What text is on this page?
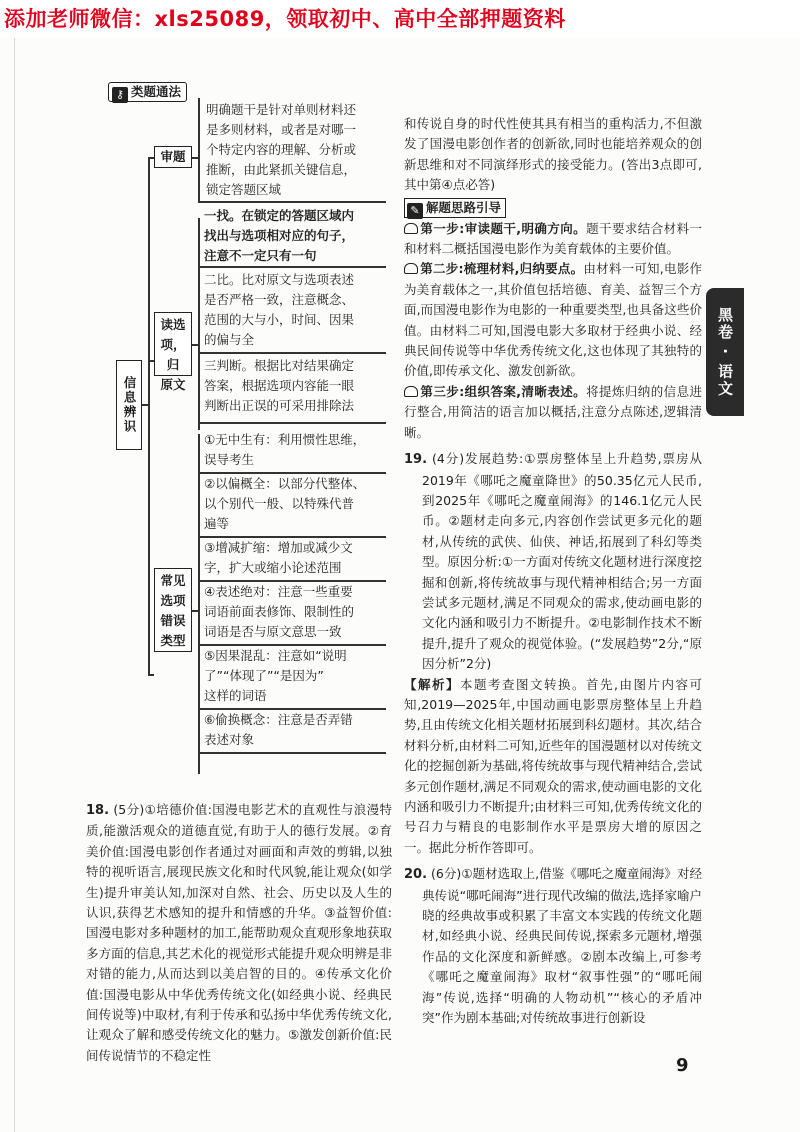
添加老师微信：xls25089，领取初中、高中全部押题资料
⚷ 类题通法
信息辨识
审题
明确题干是针对单则材料还
是多则材料，或者是对哪一
个特定内容的理解、分析或
推断，由此紧抓关键信息，
锁定答题区域
读选
项，归
原文
一找。在锁定的答题区域内
找出与选项相对应的句子，
注意不一定只有一句
二比。比对原文与选项表述
是否严格一致，注意概念、
范围的大与小，时间、因果
的偏与全
三判断。根据比对结果确定
答案，根据选项内容能一眼
判断出正误的可采用排除法
常见
选项
错误
类型
①无中生有：利用惯性思维，
误导考生
②以偏概全：以部分代整体、
以个别代一般、以特殊代普
遍等
③增减扩缩：增加或减少文
字，扩大或缩小论述范围
④表述绝对：注意一些重要
词语前面表修饰、限制性的
词语是否与原文意思一致
⑤因果混乱：注意如“说明
了”“体现了”“是因为”
这样的词语
⑥偷换概念：注意是否弄错
表述对象
18. (5分)①培德价值:国漫电影艺术的直观性与浪漫特质,能激活观众的道德直觉,有助于人的德行发展。②育美价值:国漫电影创作者通过对画面和声效的剪辑,以独特的视听语言,展现民族文化和时代风貌,能让观众(如学生)提升审美认知,加深对自然、社会、历史以及人生的认识,获得艺术感知的提升和情感的升华。③益智价值:国漫电影对多种题材的加工,能帮助观众直观形象地获取多方面的信息,其艺术化的视觉形式能提升观众明辨是非对错的能力,从而达到以美启智的目的。④传承文化价值:国漫电影从中华优秀传统文化(如经典小说、经典民间传说等)中取材,有利于传承和弘扬中华优秀传统文化,让观众了解和感受传统文化的魅力。⑤激发创新价值:民间传说情节的不稳定性
和传说自身的时代性使其具有相当的重构活力,不但激发了国漫电影创作者的创新欲,同时也能培养观众的创新思维和对不同演绎形式的接受能力。(答出3点即可,其中第④点必答)
✎ 解题思路引导
第一步:审读题干,明确方向。题干要求结合材料一和材料二概括国漫电影作为美育载体的主要价值。
第二步:梳理材料,归纳要点。由材料一可知,电影作为美育载体之一,其价值包括培德、育美、益智三个方面,而国漫电影作为电影的一种重要类型,也具备这些价值。由材料二可知,国漫电影大多取材于经典小说、经典民间传说等中华优秀传统文化,这也体现了其独特的价值,即传承文化、激发创新欲。
第三步:组织答案,清晰表述。将提炼归纳的信息进行整合,用简洁的语言加以概括,注意分点陈述,逻辑清晰。
19. (4分)发展趋势:①票房整体呈上升趋势,票房从2019年《哪吒之魔童降世》的50.35亿元人民币,到2025年《哪吒之魔童闹海》的146.1亿元人民币。②题材走向多元,内容创作尝试更多元化的题材,从传统的武侠、仙侠、神话,拓展到了科幻等类型。原因分析:①一方面对传统文化题材进行深度挖掘和创新,将传统故事与现代精神相结合;另一方面尝试多元题材,满足不同观众的需求,使动画电影的文化内涵和吸引力不断提升。②电影制作技术不断提升,提升了观众的视觉体验。(“发展趋势”2分,“原因分析”2分)
【解析】本题考查图文转换。首先,由图片内容可知,2019—2025年,中国动画电影票房整体呈上升趋势,且由传统文化相关题材拓展到科幻题材。其次,结合材料分析,由材料二可知,近些年的国漫题材以对传统文化的挖掘创新为基础,将传统故事与现代精神结合,尝试多元创作题材,满足不同观众的需求,使动画电影的文化内涵和吸引力不断提升;由材料三可知,优秀传统文化的号召力与精良的电影制作水平是票房大增的原因之一。据此分析作答即可。
20. (6分)①题材选取上,借鉴《哪吒之魔童闹海》对经典传说“哪吒闹海”进行现代改编的做法,选择家喻户晓的经典故事或积累了丰富文本实践的传统文化题材,如经典小说、经典民间传说,探索多元题材,增强作品的文化深度和新鲜感。②剧本改编上,可参考《哪吒之魔童闹海》取材“叙事性强”的“哪吒闹海”传说,选择“明确的人物动机”“核心的矛盾冲突”作为剧本基础;对传统故事进行创新设
黑卷 · 语文
9
